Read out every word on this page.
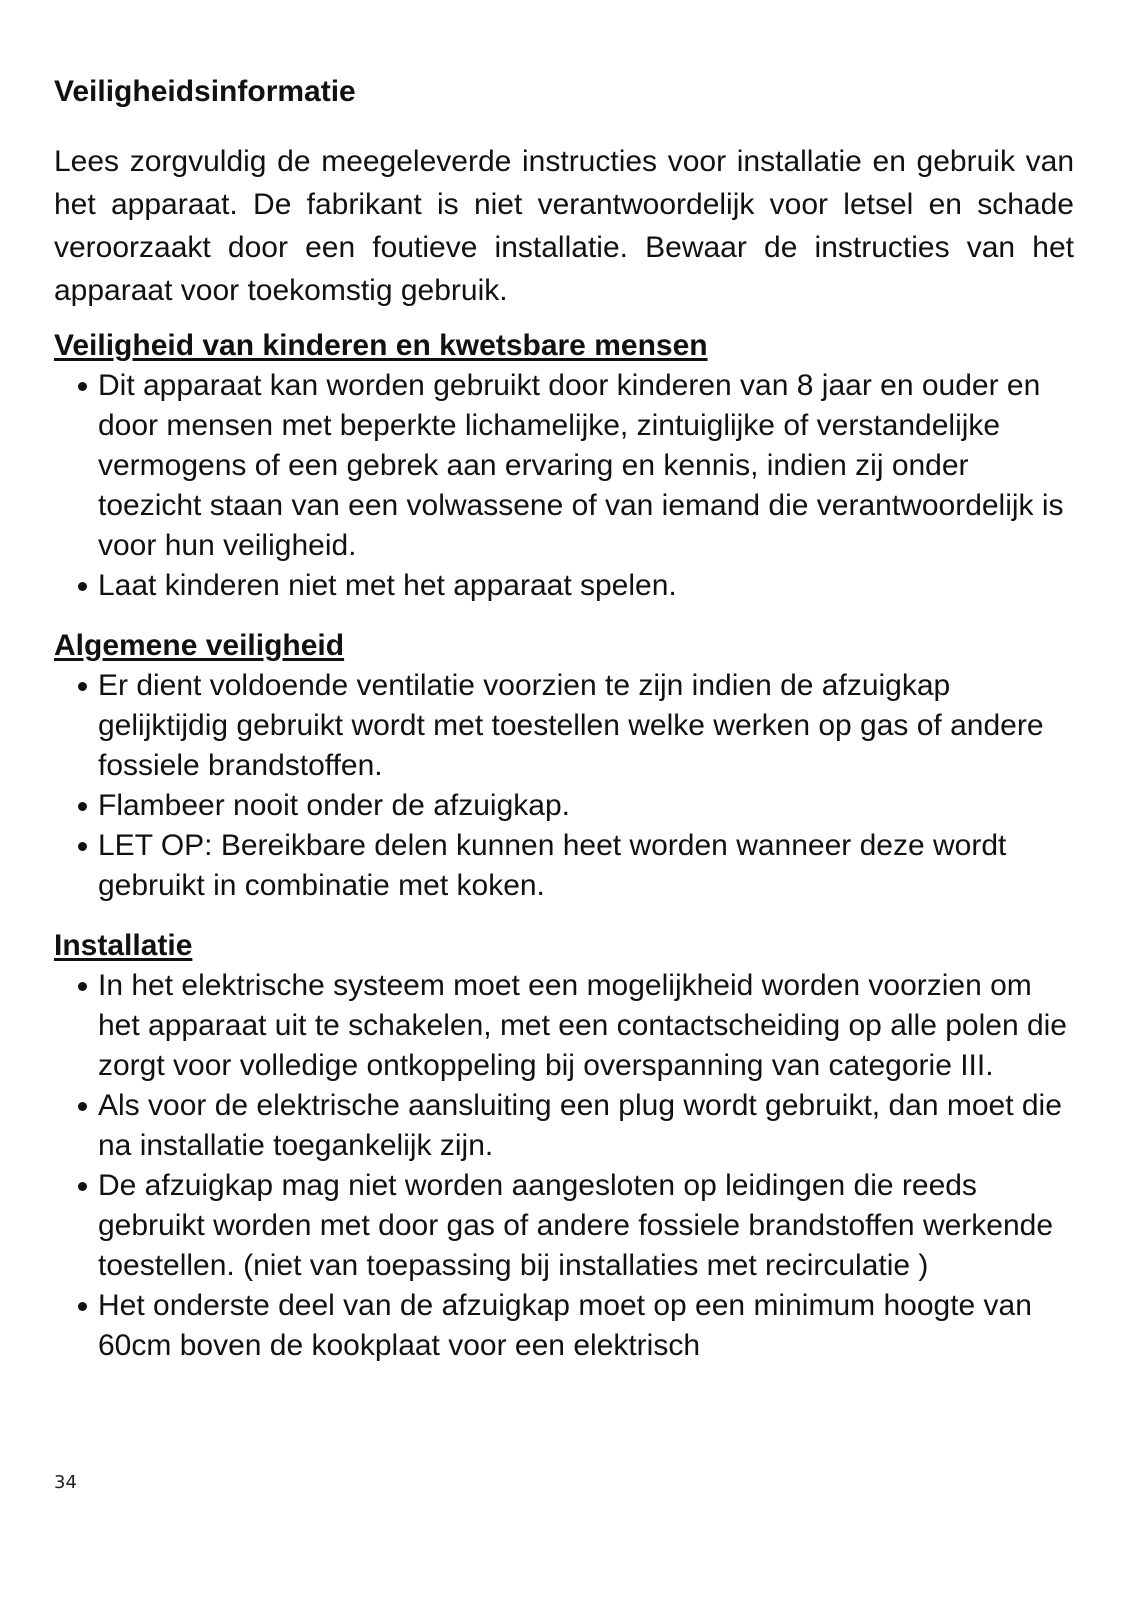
Veiligheidsinformatie

Lees zorgvuldig de meegeleverde instructies voor installatie en gebruik van het apparaat. De fabrikant is niet verantwoordelijk voor letsel en schade veroorzaakt door een foutieve installatie. Bewaar de instructies van het apparaat voor toekomstig gebruik.

Veiligheid van kinderen en kwetsbare mensen
Dit apparaat kan worden gebruikt door kinderen van 8 jaar en ouder en door mensen met beperkte lichamelijke, zintuiglijke of verstandelijke vermogens of een gebrek aan ervaring en kennis, indien zij onder toezicht staan van een volwassene of van iemand die verantwoordelijk is voor hun veiligheid.
Laat kinderen niet met het apparaat spelen.
Algemene veiligheid
Er dient voldoende ventilatie voorzien te zijn indien de afzuigkap gelijktijdig gebruikt wordt met toestellen welke werken op gas of andere fossiele brandstoffen.
Flambeer nooit onder de afzuigkap.
LET OP: Bereikbare delen kunnen heet worden wanneer deze wordt gebruikt in combinatie met koken.
Installatie
In het elektrische systeem moet een mogelijkheid worden voorzien om het apparaat uit te schakelen, met een contactscheiding op alle polen die zorgt voor volledige ontkoppeling bij overspanning van categorie III.
Als voor de elektrische aansluiting een plug wordt gebruikt, dan moet die na installatie toegankelijk zijn.
De afzuigkap mag niet worden aangesloten op leidingen die reeds gebruikt worden met door gas of andere fossiele brandstoffen werkende toestellen. (niet van toepassing bij installaties met recirculatie )
Het onderste deel van de afzuigkap moet op een minimum hoogte van 60cm boven de kookplaat voor een elektrisch
34
